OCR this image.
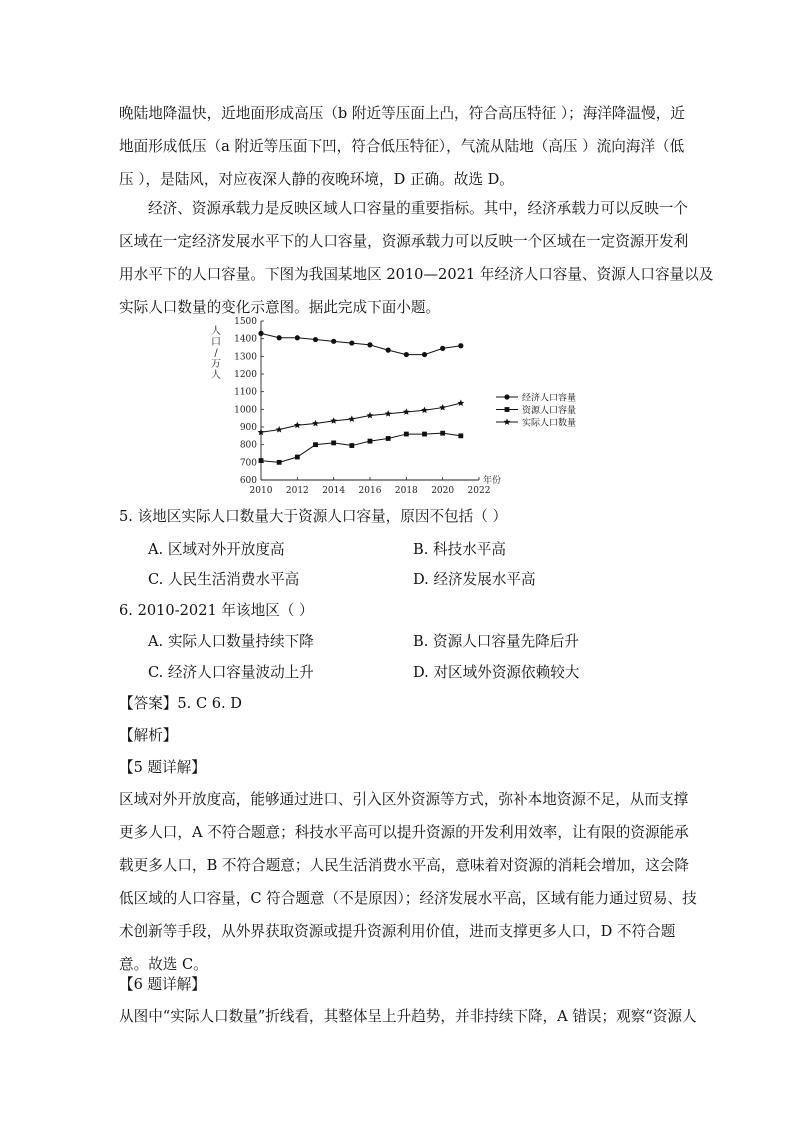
晚陆地降温快，近地面形成高压（b 附近等压面上凸，符合高压特征 ）；海洋降温慢，近
地面形成低压（a 附近等压面下凹，符合低压特征），气流从陆地（高压 ）流向海洋（低
压 ），是陆风，对应夜深人静的夜晚环境，D 正确。故选 D。
经济、资源承载力是反映区域人口容量的重要指标。其中，经济承载力可以反映一个
区域在一定经济发展水平下的人口容量，资源承载力可以反映一个区域在一定资源开发利
用水平下的人口容量。下图为我国某地区 2010—2021 年经济人口容量、资源人口容量以及
实际人口数量的变化示意图。据此完成下面小题。
人
口
/
万
人
600
700
800
900
1000
1100
1200
1300
1400
1500
2010 2012 2014 2016 2018 2020 2022
年份
经济人口容量
资源人口容量
实际人口数量
5. 该地区实际人口数量大于资源人口容量，原因不包括（ ）
A. 区域对外开放度高	B. 科技水平高
C. 人民生活消费水平高	D. 经济发展水平高
6. 2010-2021 年该地区（ ）
A. 实际人口数量持续下降	B. 资源人口容量先降后升
C. 经济人口容量波动上升	D. 对区域外资源依赖较大
【答案】5. C 6. D
【解析】
【5 题详解】
区域对外开放度高，能够通过进口、引入区外资源等方式，弥补本地资源不足，从而支撑
更多人口，A 不符合题意；科技水平高可以提升资源的开发利用效率，让有限的资源能承
载更多人口，B 不符合题意；人民生活消费水平高，意味着对资源的消耗会增加，这会降
低区域的人口容量，C 符合题意（不是原因）；经济发展水平高，区域有能力通过贸易、技
术创新等手段，从外界获取资源或提升资源利用价值，进而支撑更多人口，D 不符合题
意。故选 C。
【6 题详解】
从图中“实际人口数量”折线看，其整体呈上升趋势，并非持续下降，A 错误；观察“资源人
